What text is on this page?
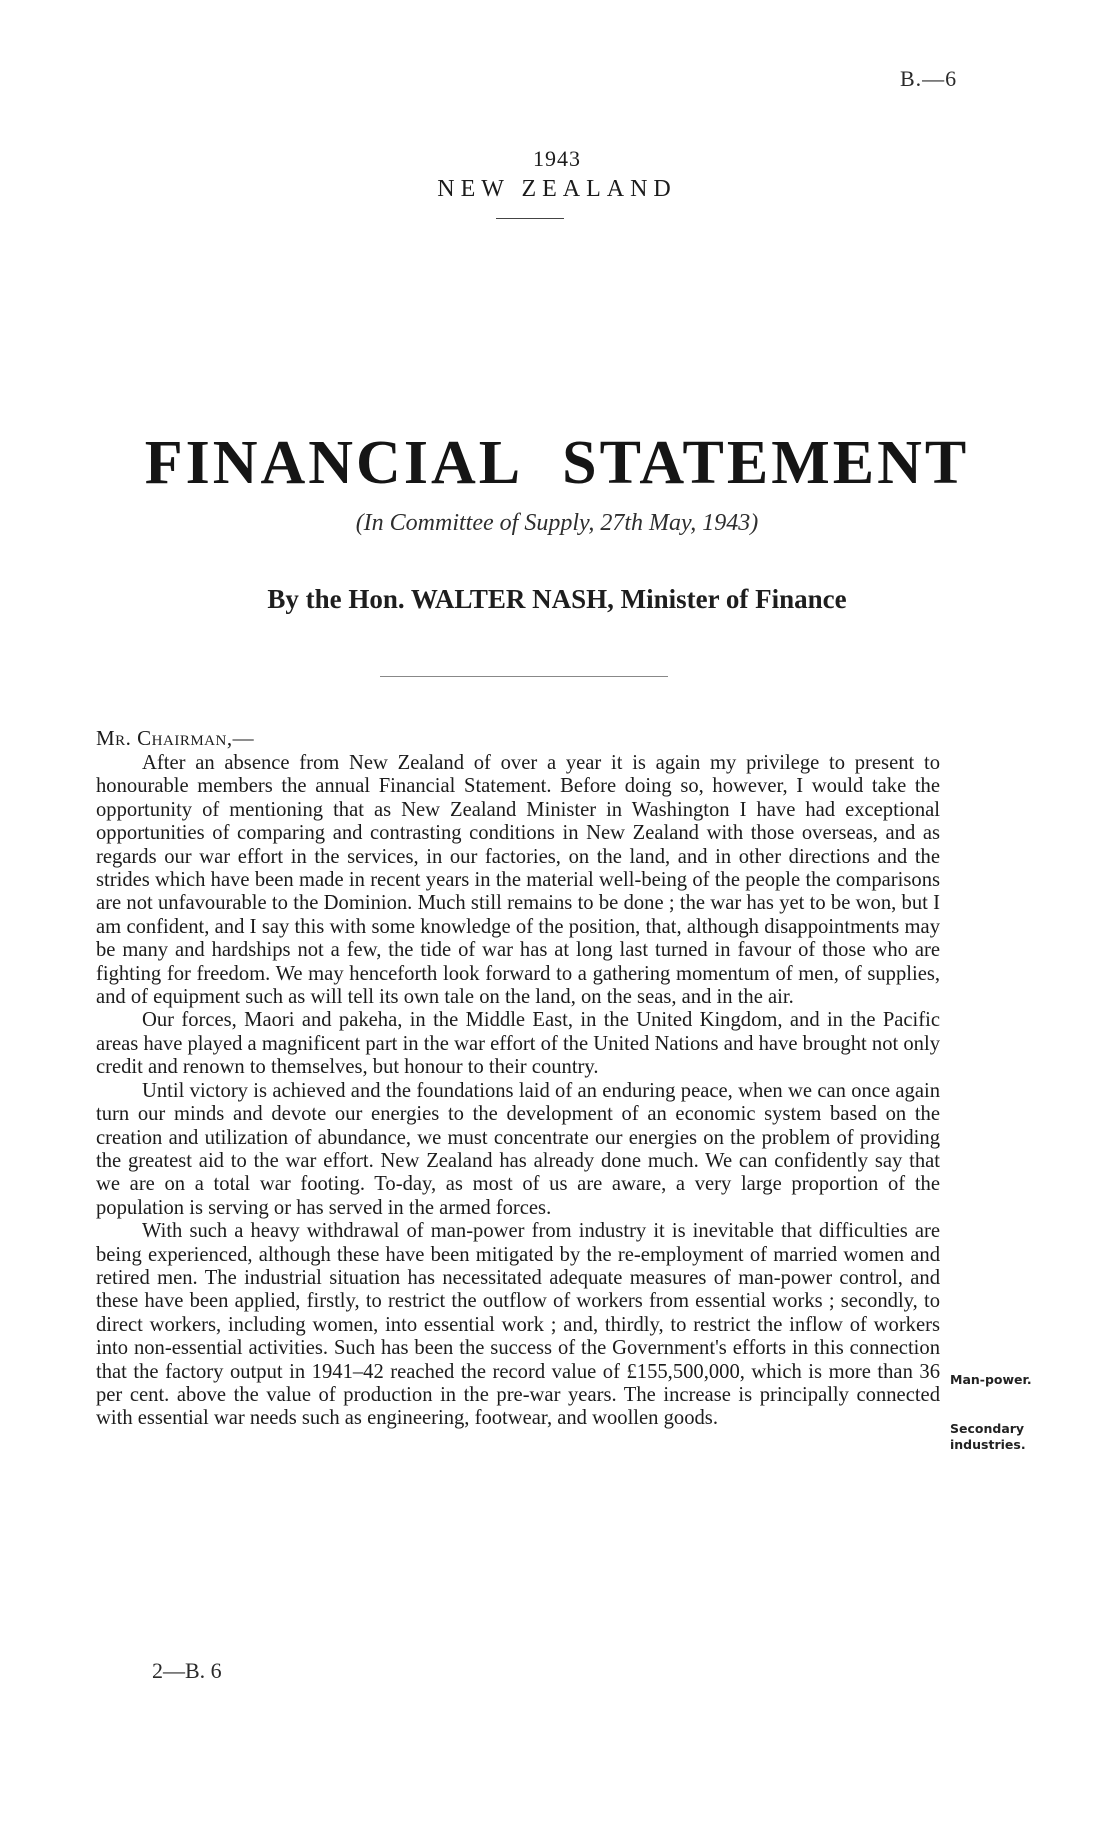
B.—6
1943
NEW ZEALAND
FINANCIAL STATEMENT
(In Committee of Supply, 27th May, 1943)
By the Hon. WALTER NASH, Minister of Finance
Mr. Chairman,—

After an absence from New Zealand of over a year it is again my privilege to present to honourable members the annual Financial Statement. Before doing so, however, I would take the opportunity of mentioning that as New Zealand Minister in Washington I have had exceptional opportunities of comparing and contrasting conditions in New Zealand with those overseas, and as regards our war effort in the services, in our factories, on the land, and in other directions and the strides which have been made in recent years in the material well-being of the people the comparisons are not unfavourable to the Dominion. Much still remains to be done ; the war has yet to be won, but I am confident, and I say this with some knowledge of the position, that, although disappointments may be many and hardships not a few, the tide of war has at long last turned in favour of those who are fighting for freedom. We may henceforth look forward to a gathering momentum of men, of supplies, and of equipment such as will tell its own tale on the land, on the seas, and in the air.

Our forces, Maori and pakeha, in the Middle East, in the United Kingdom, and in the Pacific areas have played a magnificent part in the war effort of the United Nations and have brought not only credit and renown to themselves, but honour to their country.

Until victory is achieved and the foundations laid of an enduring peace, when we can once again turn our minds and devote our energies to the development of an economic system based on the creation and utilization of abundance, we must concentrate our energies on the problem of providing the greatest aid to the war effort. New Zealand has already done much. We can confidently say that we are on a total war footing. To-day, as most of us are aware, a very large proportion of the population is serving or has served in the armed forces.

With such a heavy withdrawal of man-power from industry it is inevitable that difficulties are being experienced, although these have been mitigated by the re-employment of married women and retired men. The industrial situation has necessitated adequate measures of man-power control, and these have been applied, firstly, to restrict the outflow of workers from essential works ; secondly, to direct workers, including women, into essential work ; and, thirdly, to restrict the inflow of workers into non-essential activities. Such has been the success of the Government's efforts in this connection that the factory output in 1941–42 reached the record value of £155,500,000, which is more than 36 per cent. above the value of production in the pre-war years. The increase is principally connected with essential war needs such as engineering, footwear, and woollen goods.

Man-power.
Secondary industries.
2—B. 6
